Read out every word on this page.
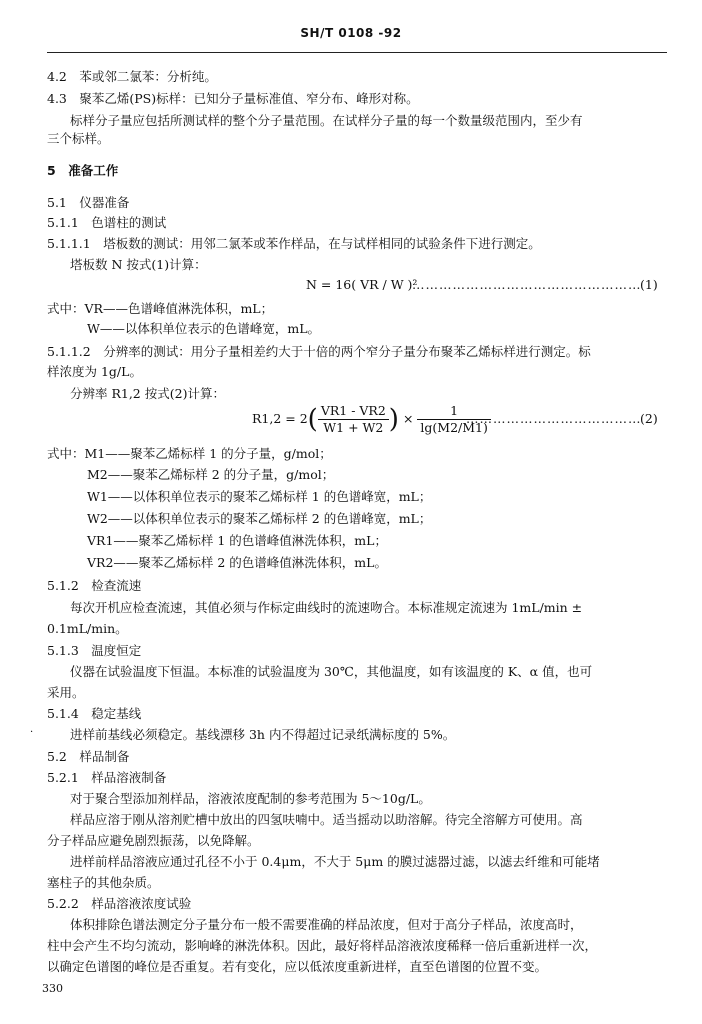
SH/T 0108 -92
4.2　苯或邻二氯苯：分析纯。
4.3　聚苯乙烯(PS)标样：已知分子量标准值、窄分布、峰形对称。
标样分子量应包括所测试样的整个分子量范围。在试样分子量的每一个数量级范围内，至少有
三个标样。
5　准备工作
5.1　仪器准备
5.1.1　色谱柱的测试
5.1.1.1　塔板数的测试：用邻二氯苯或苯作样品，在与试样相同的试验条件下进行测定。
塔板数 N 按式(1)计算：
N = 16( VR / W )²
……………………………………………
(1)
式中：VR——色谱峰值淋洗体积，mL；
W——以体积单位表示的色谱峰宽，mL。
5.1.1.2　分辨率的测试：用分子量相差约大于十倍的两个窄分子量分布聚苯乙烯标样进行测定。标
样浓度为 1g/L。
分辨率 R1,2 按式(2)计算：
$R1,2 = 2( \frac{VR1 - VR2}{W1 + W2}$ ) × $\frac{1}{\lg(M2/M1)}$
…………………………………
(2)
式中：M1——聚苯乙烯标样 1 的分子量，g/mol；
M2——聚苯乙烯标样 2 的分子量，g/mol；
W1——以体积单位表示的聚苯乙烯标样 1 的色谱峰宽，mL；
W2——以体积单位表示的聚苯乙烯标样 2 的色谱峰宽，mL；
VR1——聚苯乙烯标样 1 的色谱峰值淋洗体积，mL；
VR2——聚苯乙烯标样 2 的色谱峰值淋洗体积，mL。
5.1.2　检查流速
每次开机应检查流速，其值必须与作标定曲线时的流速吻合。本标准规定流速为 1mL/min ±
0.1mL/min。
5.1.3　温度恒定
仪器在试验温度下恒温。本标准的试验温度为 30℃，其他温度，如有该温度的 K、α 值，也可
采用。
5.1.4　稳定基线
·	进样前基线必须稳定。基线漂移 3h 内不得超过记录纸满标度的 5%。
5.2　样品制备
5.2.1　样品溶液制备
对于聚合型添加剂样品，溶液浓度配制的参考范围为 5～10g/L。
样品应溶于刚从溶剂贮槽中放出的四氢呋喃中。适当摇动以助溶解。待完全溶解方可使用。高
分子样品应避免剧烈振荡，以免降解。
进样前样品溶液应通过孔径不小于 0.4μm，不大于 5μm 的膜过滤器过滤，以滤去纤维和可能堵
塞柱子的其他杂质。
5.2.2　样品溶液浓度试验
体积排除色谱法测定分子量分布一般不需要准确的样品浓度，但对于高分子样品，浓度高时，
柱中会产生不均匀流动，影响峰的淋洗体积。因此，最好将样品溶液浓度稀释一倍后重新进样一次，
以确定色谱图的峰位是否重复。若有变化，应以低浓度重新进样，直至色谱图的位置不变。
330
